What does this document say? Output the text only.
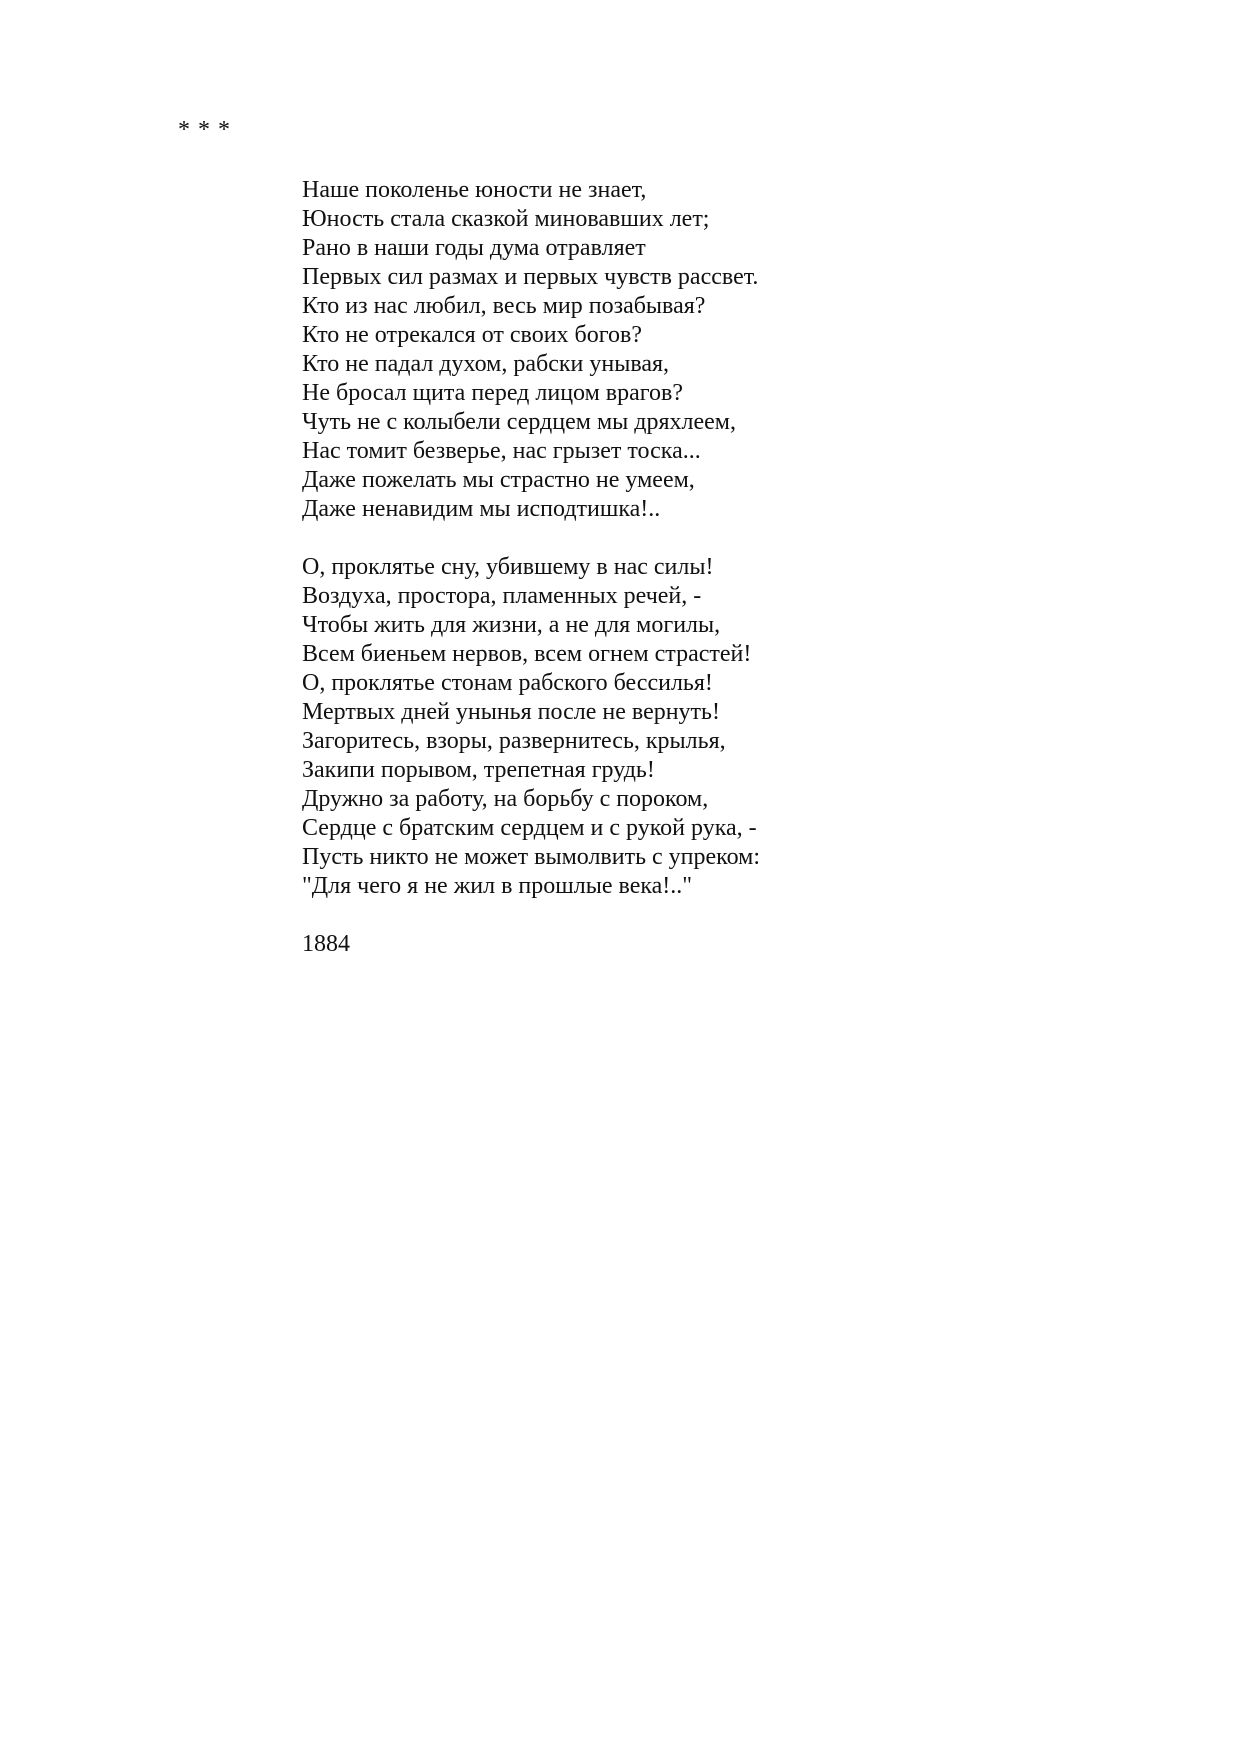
* * *
Наше поколенье юности не знает,
Юность стала сказкой миновавших лет;
Рано в наши годы дума отравляет
Первых сил размах и первых чувств рассвет.
Кто из нас любил, весь мир позабывая?
Кто не отрекался от своих богов?
Кто не падал духом, рабски унывая,
Не бросал щита перед лицом врагов?
Чуть не с колыбели сердцем мы дряхлеем,
Нас томит безверье, нас грызет тоска...
Даже пожелать мы страстно не умеем,
Даже ненавидим мы исподтишка!..
О, проклятье сну, убившему в нас силы!
Воздуха, простора, пламенных речей, -
Чтобы жить для жизни, а не для могилы,
Всем биеньем нервов, всем огнем страстей!
О, проклятье стонам рабского бессилья!
Мертвых дней унынья после не вернуть!
Загоритесь, взоры, развернитесь, крылья,
Закипи порывом, трепетная грудь!
Дружно за работу, на борьбу с пороком,
Сердце с братским сердцем и с рукой рука, -
Пусть никто не может вымолвить с упреком:
"Для чего я не жил в прошлые века!.."
1884
